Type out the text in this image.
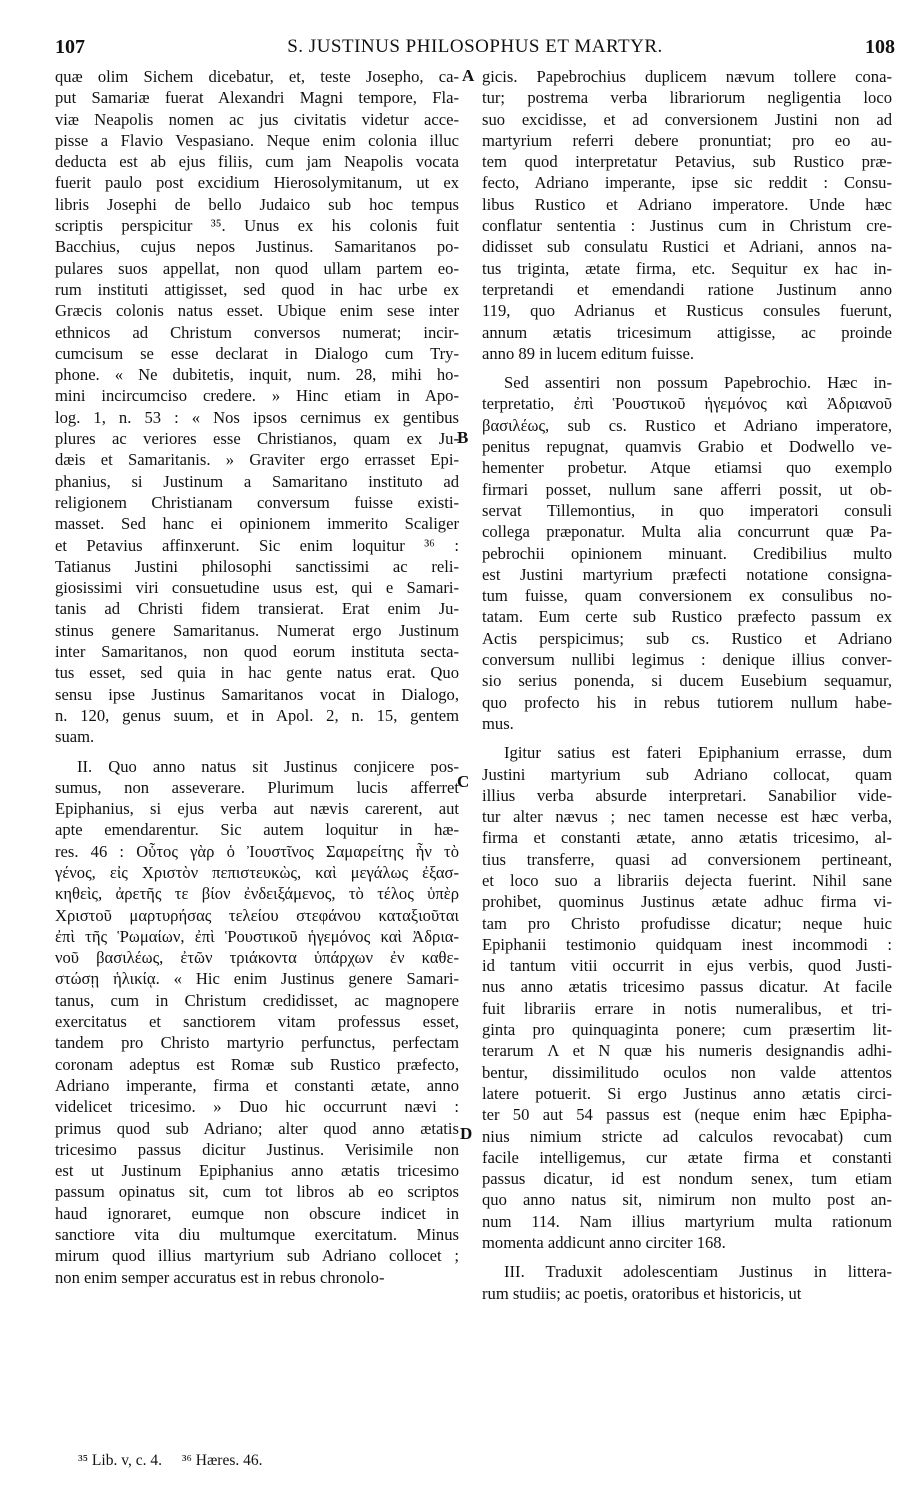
107	S. JUSTINUS PHILOSOPHUS ET MARTYR.	108
A
B
C
D
quæ olim Sichem dicebatur, et, teste Josepho, ca-
put Samariæ fuerat Alexandri Magni tempore, Fla-
viæ Neapolis nomen ac jus civitatis videtur acce-
pisse a Flavio Vespasiano. Neque enim colonia illuc
deducta est ab ejus filiis, cum jam Neapolis vocata
fuerit paulo post excidium Hierosolymitanum, ut ex
libris Josephi de bello Judaico sub hoc tempus
scriptis perspicitur ³⁵. Unus ex his colonis fuit
Bacchius, cujus nepos Justinus. Samaritanos po-
pulares suos appellat, non quod ullam partem eo-
rum instituti attigisset, sed quod in hac urbe ex
Græcis colonis natus esset. Ubique enim sese inter
ethnicos ad Christum conversos numerat; incir-
cumcisum se esse declarat in Dialogo cum Try-
phone. « Ne dubitetis, inquit, num. 28, mihi ho-
mini incircumciso credere. » Hinc etiam in Apo-
log. 1, n. 53 : « Nos ipsos cernimus ex gentibus
plures ac veriores esse Christianos, quam ex Ju-
dæis et Samaritanis. » Graviter ergo errasset Epi-
phanius, si Justinum a Samaritano instituto ad
religionem Christianam conversum fuisse existi-
masset. Sed hanc ei opinionem immerito Scaliger
et Petavius affinxerunt. Sic enim loquitur ³⁶ :
Tatianus Justini philosophi sanctissimi ac reli-
giosissimi viri consuetudine usus est, qui e Samari-
tanis ad Christi fidem transierat. Erat enim Ju-
stinus genere Samaritanus. Numerat ergo Justinum
inter Samaritanos, non quod eorum instituta secta-
tus esset, sed quia in hac gente natus erat. Quo
sensu ipse Justinus Samaritanos vocat in Dialogo,
n. 120, genus suum, et in Apol. 2, n. 15, gentem
suam.
II. Quo anno natus sit Justinus conjicere pos-
sumus, non asseverare. Plurimum lucis afferret
Epiphanius, si ejus verba aut nævis carerent, aut
apte emendarentur. Sic autem loquitur in hæ-
res. 46 : Οὗτος γὰρ ὁ Ἰουστῖνος Σαμαρείτης ἦν τὸ
γένος, εἰς Χριστὸν πεπιστευκὼς, καὶ μεγάλως ἐξασ-
κηθεὶς, ἀρετῆς τε βίον ἐνδειξάμενος, τὸ τέλος ὑπὲρ
Χριστοῦ μαρτυρήσας τελείου στεφάνου καταξιοῦται
ἐπὶ τῆς Ῥωμαίων, ἐπὶ Ῥουστικοῦ ἡγεμόνος καὶ Ἀδρια-
νοῦ βασιλέως, ἐτῶν τριάκοντα ὑπάρχων ἐν καθε-
στώσῃ ἡλικίᾳ. « Hic enim Justinus genere Samari-
tanus, cum in Christum credidisset, ac magnopere
exercitatus et sanctiorem vitam professus esset,
tandem pro Christo martyrio perfunctus, perfectam
coronam adeptus est Romæ sub Rustico præfecto,
Adriano imperante, firma et constanti ætate, anno
videlicet tricesimo. » Duo hic occurrunt nævi :
primus quod sub Adriano; alter quod anno ætatis
tricesimo passus dicitur Justinus. Verisimile non
est ut Justinum Epiphanius anno ætatis tricesimo
passum opinatus sit, cum tot libros ab eo scriptos
haud ignoraret, eumque non obscure indicet in
sanctiore vita diu multumque exercitatum. Minus
mirum quod illius martyrium sub Adriano collocet ;
non enim semper accuratus est in rebus chronolo-
gicis. Papebrochius duplicem nævum tollere cona-
tur; postrema verba librariorum negligentia loco
suo excidisse, et ad conversionem Justini non ad
martyrium referri debere pronuntiat; pro eo au-
tem quod interpretatur Petavius, sub Rustico præ-
fecto, Adriano imperante, ipse sic reddit : Consu-
libus Rustico et Adriano imperatore. Unde hæc
conflatur sententia : Justinus cum in Christum cre-
didisset sub consulatu Rustici et Adriani, annos na-
tus triginta, ætate firma, etc. Sequitur ex hac in-
terpretandi et emendandi ratione Justinum anno
119, quo Adrianus et Rusticus consules fuerunt,
annum ætatis tricesimum attigisse, ac proinde
anno 89 in lucem editum fuisse.
Sed assentiri non possum Papebrochio. Hæc in-
terpretatio, ἐπὶ Ῥουστικοῦ ἡγεμόνος καὶ Ἀδριανοῦ
βασιλέως, sub cs. Rustico et Adriano imperatore,
penitus repugnat, quamvis Grabio et Dodwello ve-
hementer probetur. Atque etiamsi quo exemplo
firmari posset, nullum sane afferri possit, ut ob-
servat Tillemontius, in quo imperatori consuli
collega præponatur. Multa alia concurrunt quæ Pa-
pebrochii opinionem minuant. Credibilius multo
est Justini martyrium præfecti notatione consigna-
tum fuisse, quam conversionem ex consulibus no-
tatam. Eum certe sub Rustico præfecto passum ex
Actis perspicimus; sub cs. Rustico et Adriano
conversum nullibi legimus : denique illius conver-
sio serius ponenda, si ducem Eusebium sequamur,
quo profecto his in rebus tutiorem nullum habe-
mus.
Igitur satius est fateri Epiphanium errasse, dum
Justini martyrium sub Adriano collocat, quam
illius verba absurde interpretari. Sanabilior vide-
tur alter nævus ; nec tamen necesse est hæc verba,
firma et constanti ætate, anno ætatis tricesimo, al-
tius transferre, quasi ad conversionem pertineant,
et loco suo a librariis dejecta fuerint. Nihil sane
prohibet, quominus Justinus ætate adhuc firma vi-
tam pro Christo profudisse dicatur; neque huic
Epiphanii testimonio quidquam inest incommodi :
id tantum vitii occurrit in ejus verbis, quod Justi-
nus anno ætatis tricesimo passus dicatur. At facile
fuit librariis errare in notis numeralibus, et tri-
ginta pro quinquaginta ponere; cum præsertim lit-
terarum Λ et Ν quæ his numeris designandis adhi-
bentur, dissimilitudo oculos non valde attentos
latere potuerit. Si ergo Justinus anno ætatis circi-
ter 50 aut 54 passus est (neque enim hæc Epipha-
nius nimium stricte ad calculos revocabat) cum
facile intelligemus, cur ætate firma et constanti
passus dicatur, id est nondum senex, tum etiam
quo anno natus sit, nimirum non multo post an-
num 114. Nam illius martyrium multa rationum
momenta addicunt anno circiter 168.
III. Traduxit adolescentiam Justinus in littera-
rum studiis; ac poetis, oratoribus et historicis, ut
³⁵ Lib. v, c. 4. ³⁶ Hæres. 46.
